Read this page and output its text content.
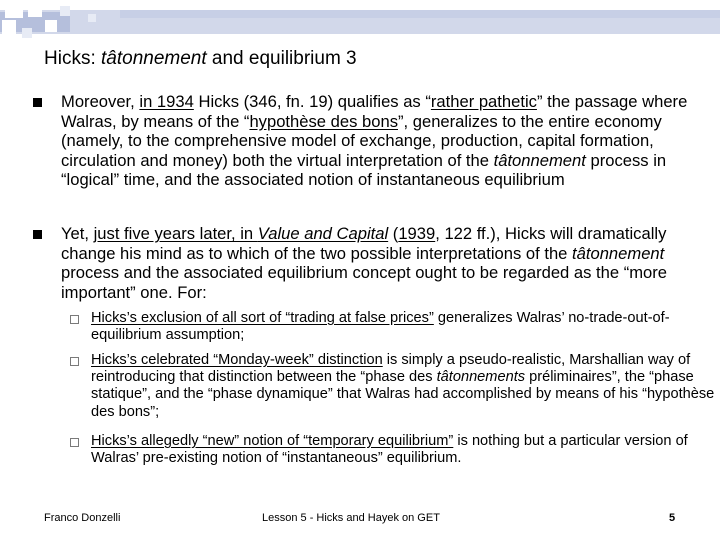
Hicks: tâtonnement and equilibrium 3
Moreover, in 1934 Hicks (346, fn. 19) qualifies as “rather pathetic” the passage where Walras, by means of the “hypothèse des bons”, generalizes to the entire economy (namely, to the comprehensive model of exchange, production, capital formation, circulation and money) both the virtual interpretation of the tâtonnement process in “logical” time, and the associated notion of instantaneous equilibrium
Yet, just five years later, in Value and Capital (1939, 122 ff.), Hicks will dramatically change his mind as to which of the two possible interpretations of the tâtonnement process and the associated equilibrium concept ought to be regarded as the “more important” one. For:
Hicks’s exclusion of all sort of “trading at false prices” generalizes Walras’ no-trade-out-of-equilibrium assumption;
Hicks’s celebrated “Monday-week” distinction is simply a pseudo-realistic, Marshallian way of reintroducing that distinction between the “phase des tâtonnements préliminaires”, the “phase statique”, and the “phase dynamique” that Walras had accomplished by means of his “hypothèse des bons”;
Hicks’s allegedly “new” notion of “temporary equilibrium” is nothing but a particular version of Walras’ pre-existing notion of “instantaneous” equilibrium.
Franco Donzelli	Lesson 5 - Hicks and Hayek on GET	5
